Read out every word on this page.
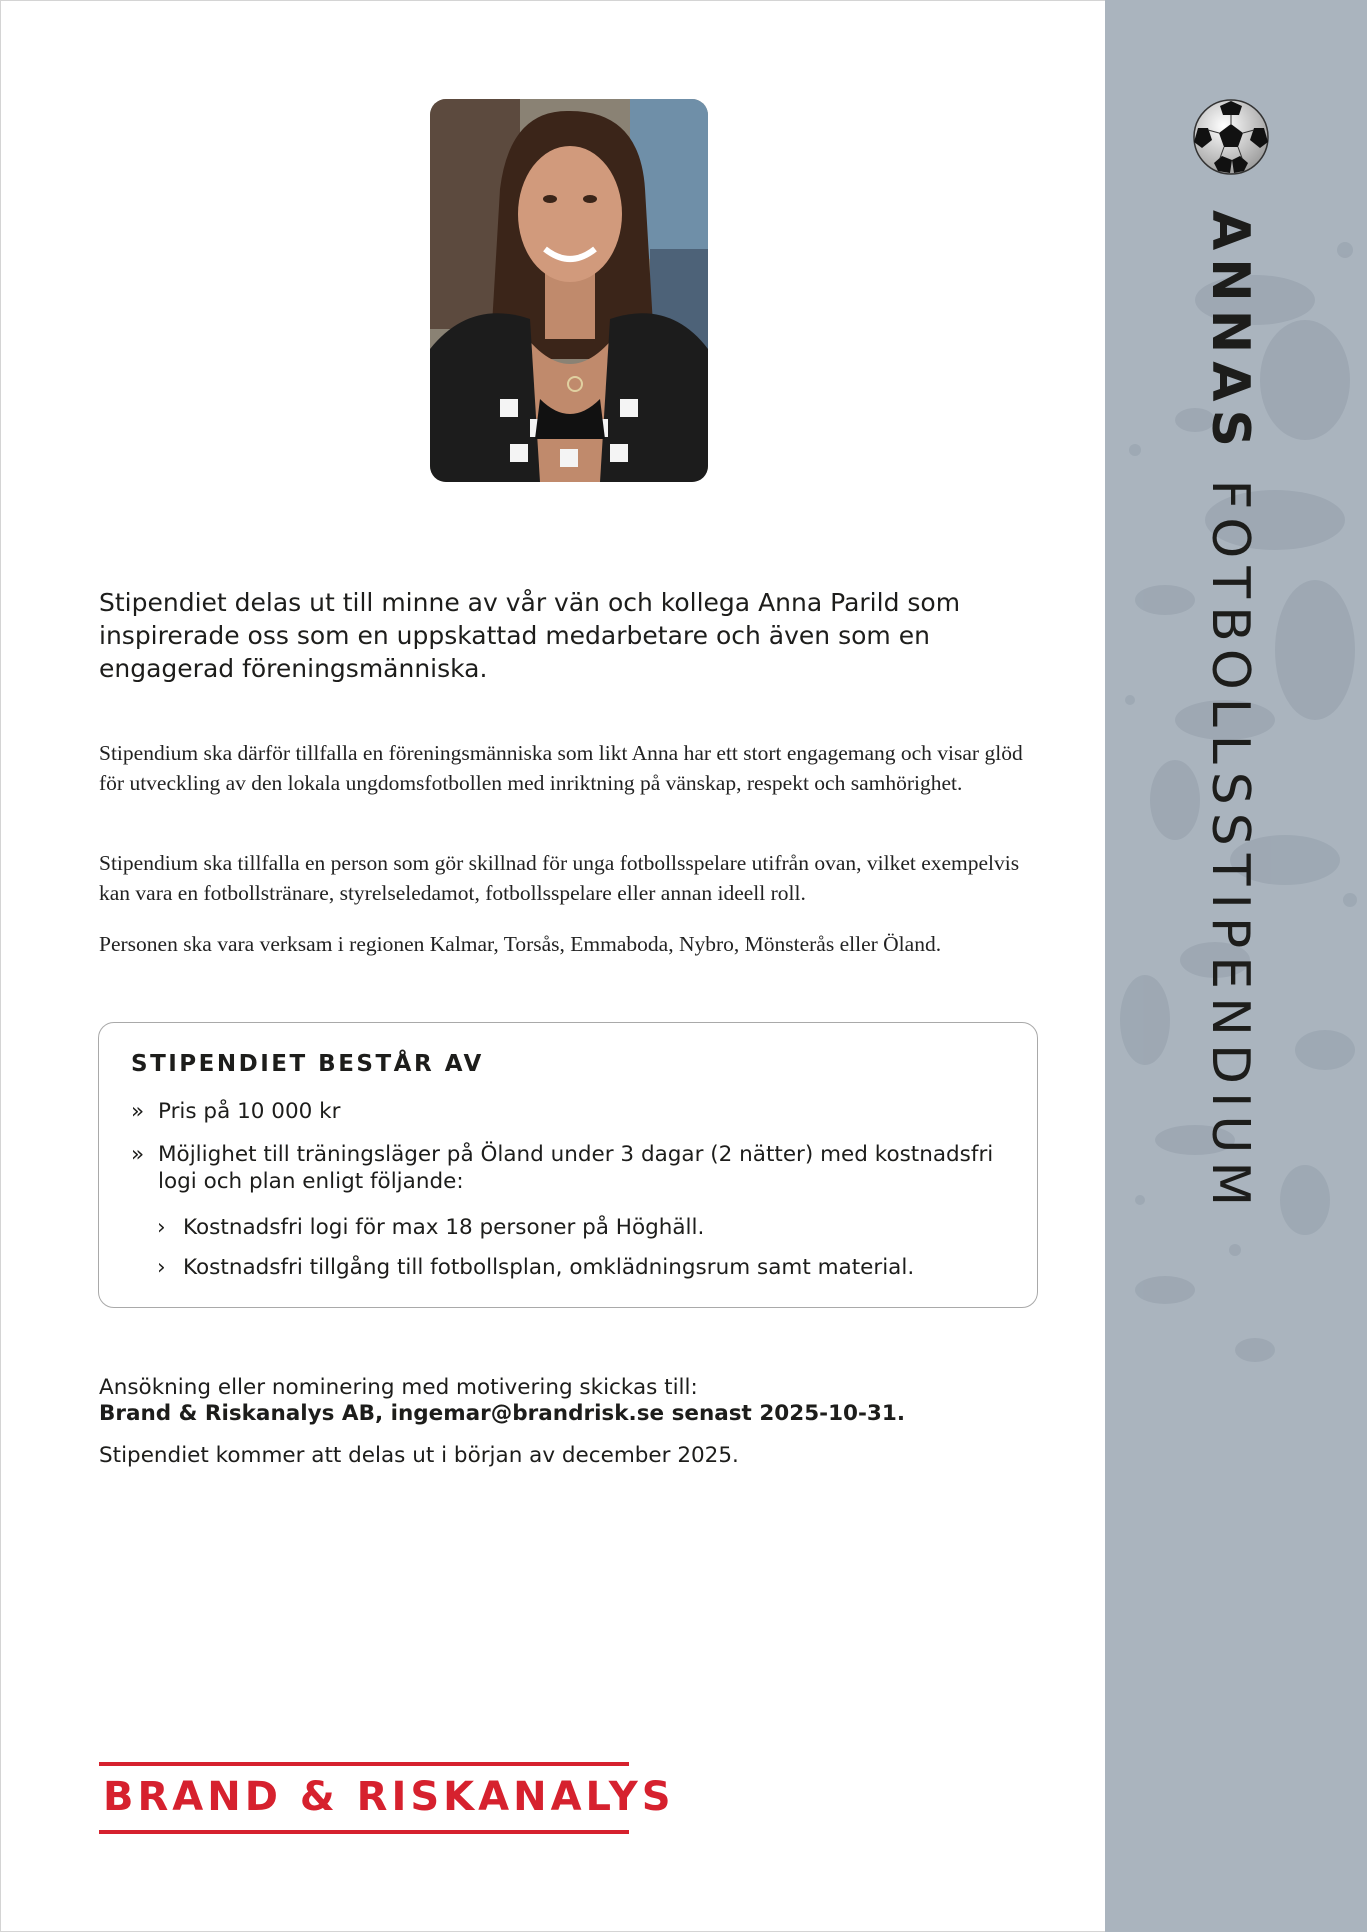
ANNAS FOTBOLLSSTIPENDIUM

Stipendiet delas ut till minne av vår vän och kollega Anna Parild som inspirerade oss som en uppskattad medarbetare och även som en engagerad föreningsmänniska.

Stipendium ska därför tillfalla en föreningsmänniska som likt Anna har ett stort engagemang och visar glöd för utveckling av den lokala ungdomsfotbollen med inriktning på vänskap, respekt och samhörighet.

Stipendium ska tillfalla en person som gör skillnad för unga fotbollsspelare utifrån ovan, vilket exempelvis kan vara en fotbollstränare, styrelseledamot, fotbollsspelare eller annan ideell roll.

Personen ska vara verksam i regionen Kalmar, Torsås, Emmaboda, Nybro, Mönsterås eller Öland.

STIPENDIET BESTÅR AV
» Pris på 10 000 kr
» Möjlighet till träningsläger på Öland under 3 dagar (2 nätter) med kostnadsfri logi och plan enligt följande:
› Kostnadsfri logi för max 18 personer på Höghäll.
› Kostnadsfri tillgång till fotbollsplan, omklädningsrum samt material.

Ansökning eller nominering med motivering skickas till:

Brand & Riskanalys AB, ingemar@brandrisk.se senast 2025-10-31.

Stipendiet kommer att delas ut i början av december 2025.

BRAND & RISKANALYS
